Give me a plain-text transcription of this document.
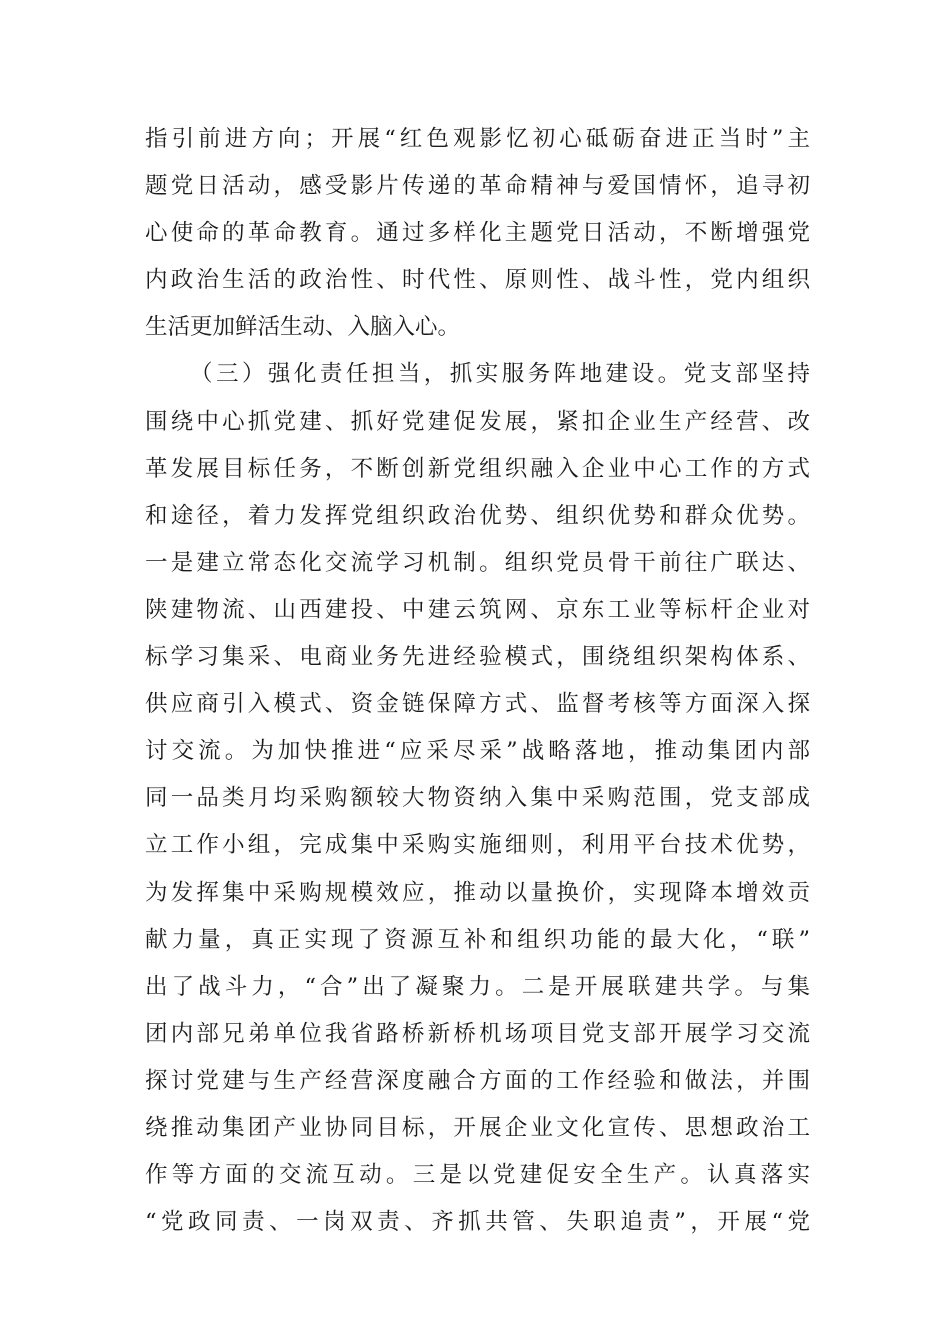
指引前进方向；开展“红色观影忆初心砥砺奋进正当时”主
题党日活动，感受影片传递的革命精神与爱国情怀，追寻初
心使命的革命教育。通过多样化主题党日活动，不断增强党
内政治生活的政治性、时代性、原则性、战斗性，党内组织
生活更加鲜活生动、入脑入心。
（三）强化责任担当，抓实服务阵地建设。党支部坚持
围绕中心抓党建、抓好党建促发展，紧扣企业生产经营、改
革发展目标任务，不断创新党组织融入企业中心工作的方式
和途径，着力发挥党组织政治优势、组织优势和群众优势。
一是建立常态化交流学习机制。组织党员骨干前往广联达、
陕建物流、山西建投、中建云筑网、京东工业等标杆企业对
标学习集采、电商业务先进经验模式，围绕组织架构体系、
供应商引入模式、资金链保障方式、监督考核等方面深入探
讨交流。为加快推进“应采尽采”战略落地，推动集团内部
同一品类月均采购额较大物资纳入集中采购范围，党支部成
立工作小组，完成集中采购实施细则，利用平台技术优势，
为发挥集中采购规模效应，推动以量换价，实现降本增效贡
献力量，真正实现了资源互补和组织功能的最大化，“联”
出了战斗力，“合”出了凝聚力。二是开展联建共学。与集
团内部兄弟单位我省路桥新桥机场项目党支部开展学习交流
探讨党建与生产经营深度融合方面的工作经验和做法，并围
绕推动集团产业协同目标，开展企业文化宣传、思想政治工
作等方面的交流互动。三是以党建促安全生产。认真落实
“党政同责、一岗双责、齐抓共管、失职追责”，开展“党
